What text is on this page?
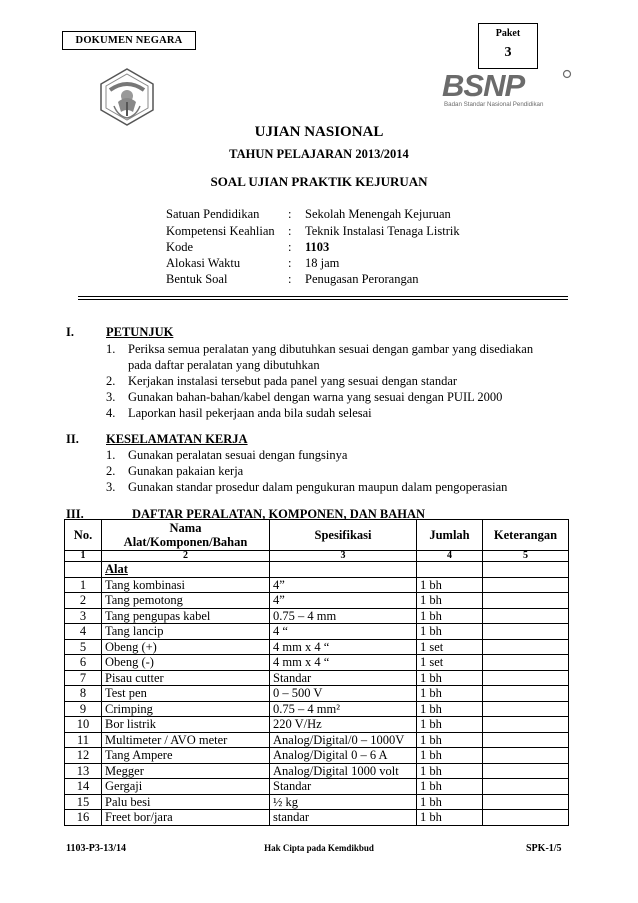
DOKUMEN NEGARA
Paket
3
BSNP
Badan Standar Nasional Pendidikan
UJIAN NASIONAL
TAHUN PELAJARAN 2013/2014
SOAL UJIAN PRAKTIK KEJURUAN
Satuan Pendidikan	: Sekolah Menengah Kejuruan
Kompetensi Keahlian	: Teknik Instalasi Tenaga Listrik
Kode	: 1103
Alokasi Waktu	: 18 jam
Bentuk Soal	: Penugasan Perorangan
I.	PETUNJUK
1. Periksa semua peralatan yang dibutuhkan sesuai dengan gambar yang disediakan
pada daftar peralatan yang dibutuhkan
2. Kerjakan instalasi tersebut pada panel yang sesuai dengan standar
3. Gunakan bahan-bahan/kabel dengan warna yang sesuai dengan PUIL 2000
4. Laporkan hasil pekerjaan anda bila sudah selesai
II. KESELAMATAN KERJA
1. Gunakan peralatan sesuai dengan fungsinya
2. Gunakan pakaian kerja
3. Gunakan standar prosedur dalam pengukuran maupun dalam pengoperasian
III.	DAFTAR PERALATAN, KOMPONEN, DAN BAHAN
No.	Nama
Alat/Komponen/Bahan	Spesifikasi	Jumlah	Keterangan
1	2	3	4	5
	Alat			
1	Tang kombinasi	4”	1 bh	
2	Tang pemotong	4”	1 bh	
3	Tang pengupas kabel	0.75 – 4 mm	1 bh	
4	Tang lancip	4 “	1 bh	
5	Obeng (+)	4 mm x 4 “	1 set	
6	Obeng (-)	4 mm x 4 “	1 set	
7	Pisau cutter	Standar	1 bh	
8	Test pen	0 – 500 V	1 bh	
9	Crimping	0.75 – 4 mm²	1 bh	
10	Bor listrik	220 V/Hz	1 bh	
11	Multimeter / AVO meter	Analog/Digital/0 – 1000V	1 bh	
12	Tang Ampere	Analog/Digital 0 – 6 A	1 bh	
13	Megger	Analog/Digital 1000 volt	1 bh	
14	Gergaji	Standar	1 bh	
15	Palu besi	½ kg	1 bh	
16	Freet bor/jara	standar	1 bh	
1103-P3-13/14	Hak Cipta pada Kemdikbud	SPK-1/5
